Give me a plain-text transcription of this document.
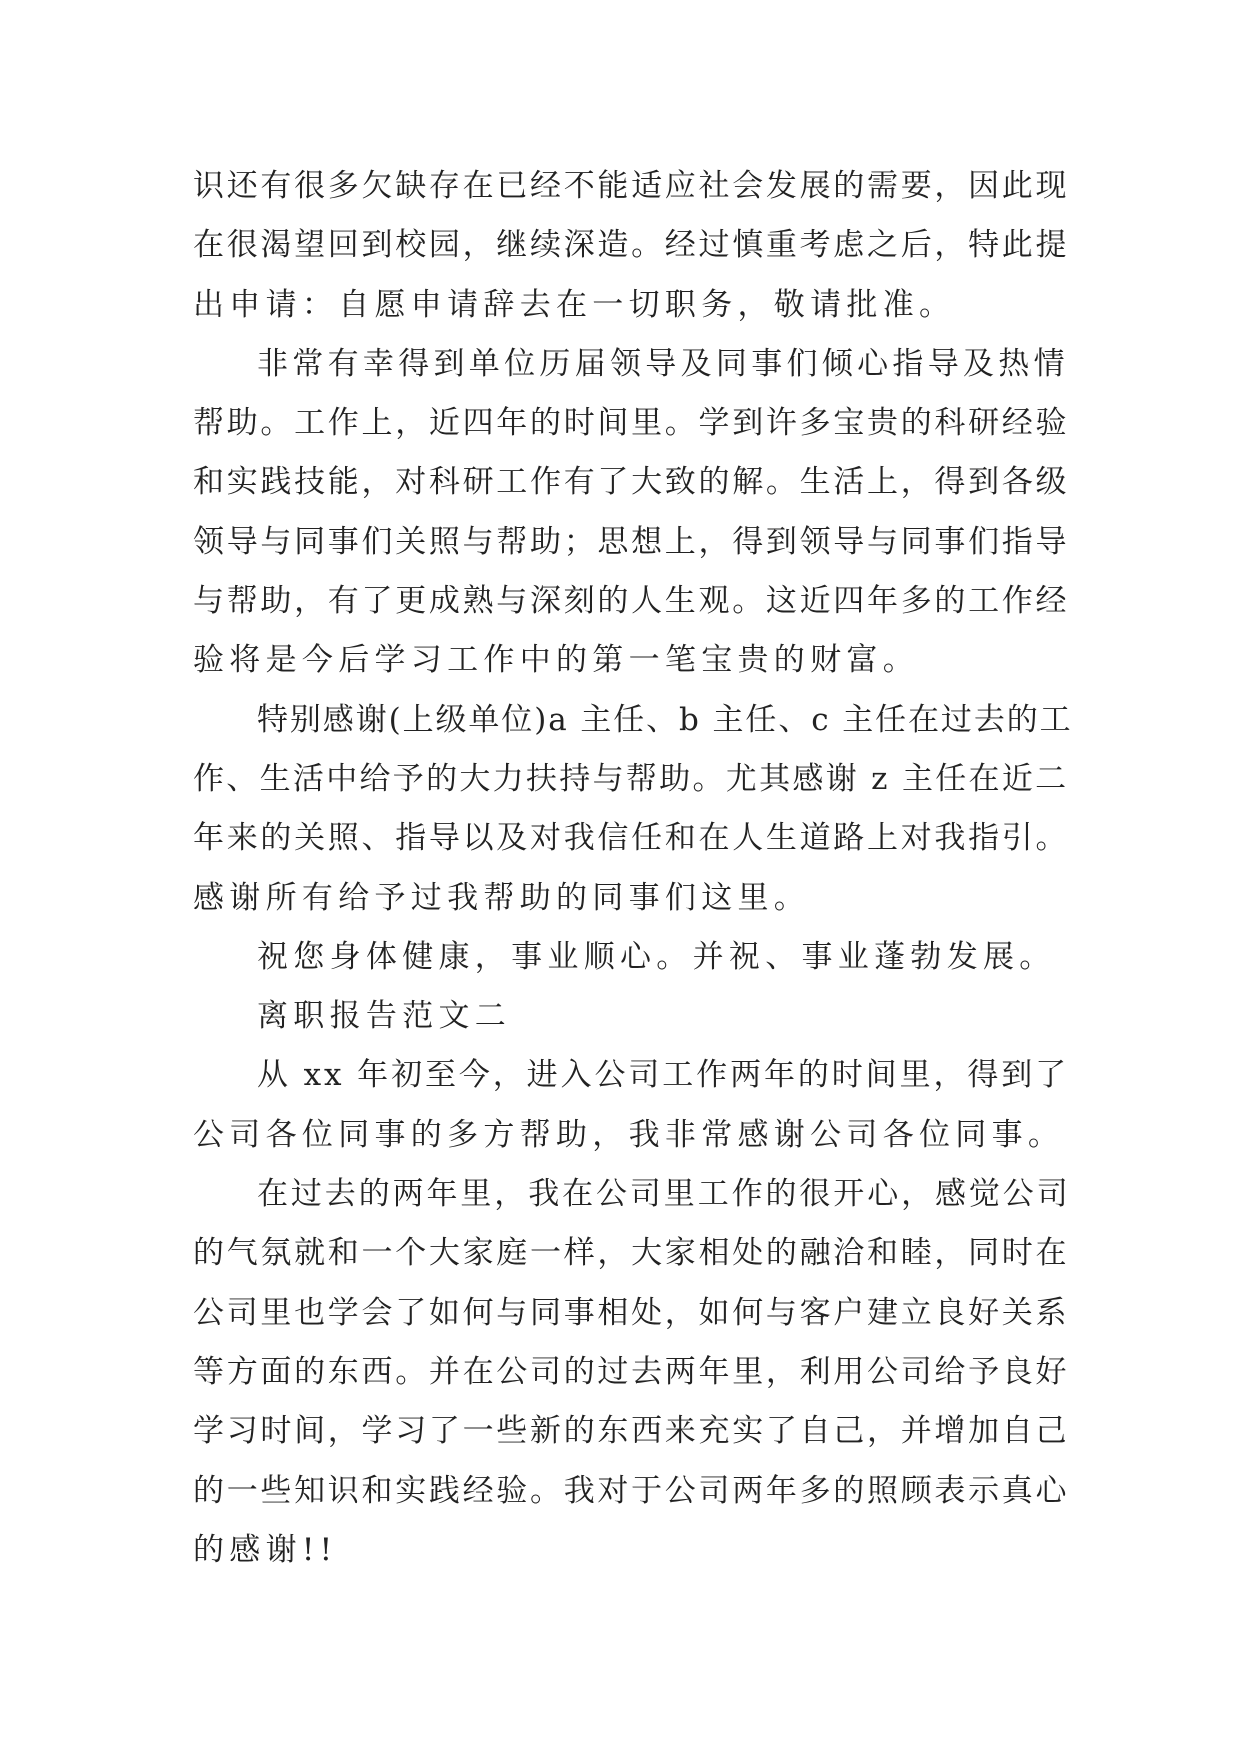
识还有很多欠缺存在已经不能适应社会发展的需要，因此现
在很渴望回到校园，继续深造。经过慎重考虑之后，特此提
出申请：自愿申请辞去在一切职务，敬请批准。
非常有幸得到单位历届领导及同事们倾心指导及热情
帮助。工作上，近四年的时间里。学到许多宝贵的科研经验
和实践技能，对科研工作有了大致的解。生活上，得到各级
领导与同事们关照与帮助；思想上，得到领导与同事们指导
与帮助，有了更成熟与深刻的人生观。这近四年多的工作经
验将是今后学习工作中的第一笔宝贵的财富。
特别感谢(上级单位)a 主任、b 主任、c 主任在过去的工
作、生活中给予的大力扶持与帮助。尤其感谢 z 主任在近二
年来的关照、指导以及对我信任和在人生道路上对我指引。
感谢所有给予过我帮助的同事们这里。
祝您身体健康，事业顺心。并祝、事业蓬勃发展。
离职报告范文二
从 xx 年初至今，进入公司工作两年的时间里，得到了
公司各位同事的多方帮助，我非常感谢公司各位同事。
在过去的两年里，我在公司里工作的很开心，感觉公司
的气氛就和一个大家庭一样，大家相处的融洽和睦，同时在
公司里也学会了如何与同事相处，如何与客户建立良好关系
等方面的东西。并在公司的过去两年里，利用公司给予良好
学习时间，学习了一些新的东西来充实了自己，并增加自己
的一些知识和实践经验。我对于公司两年多的照顾表示真心
的感谢!!
